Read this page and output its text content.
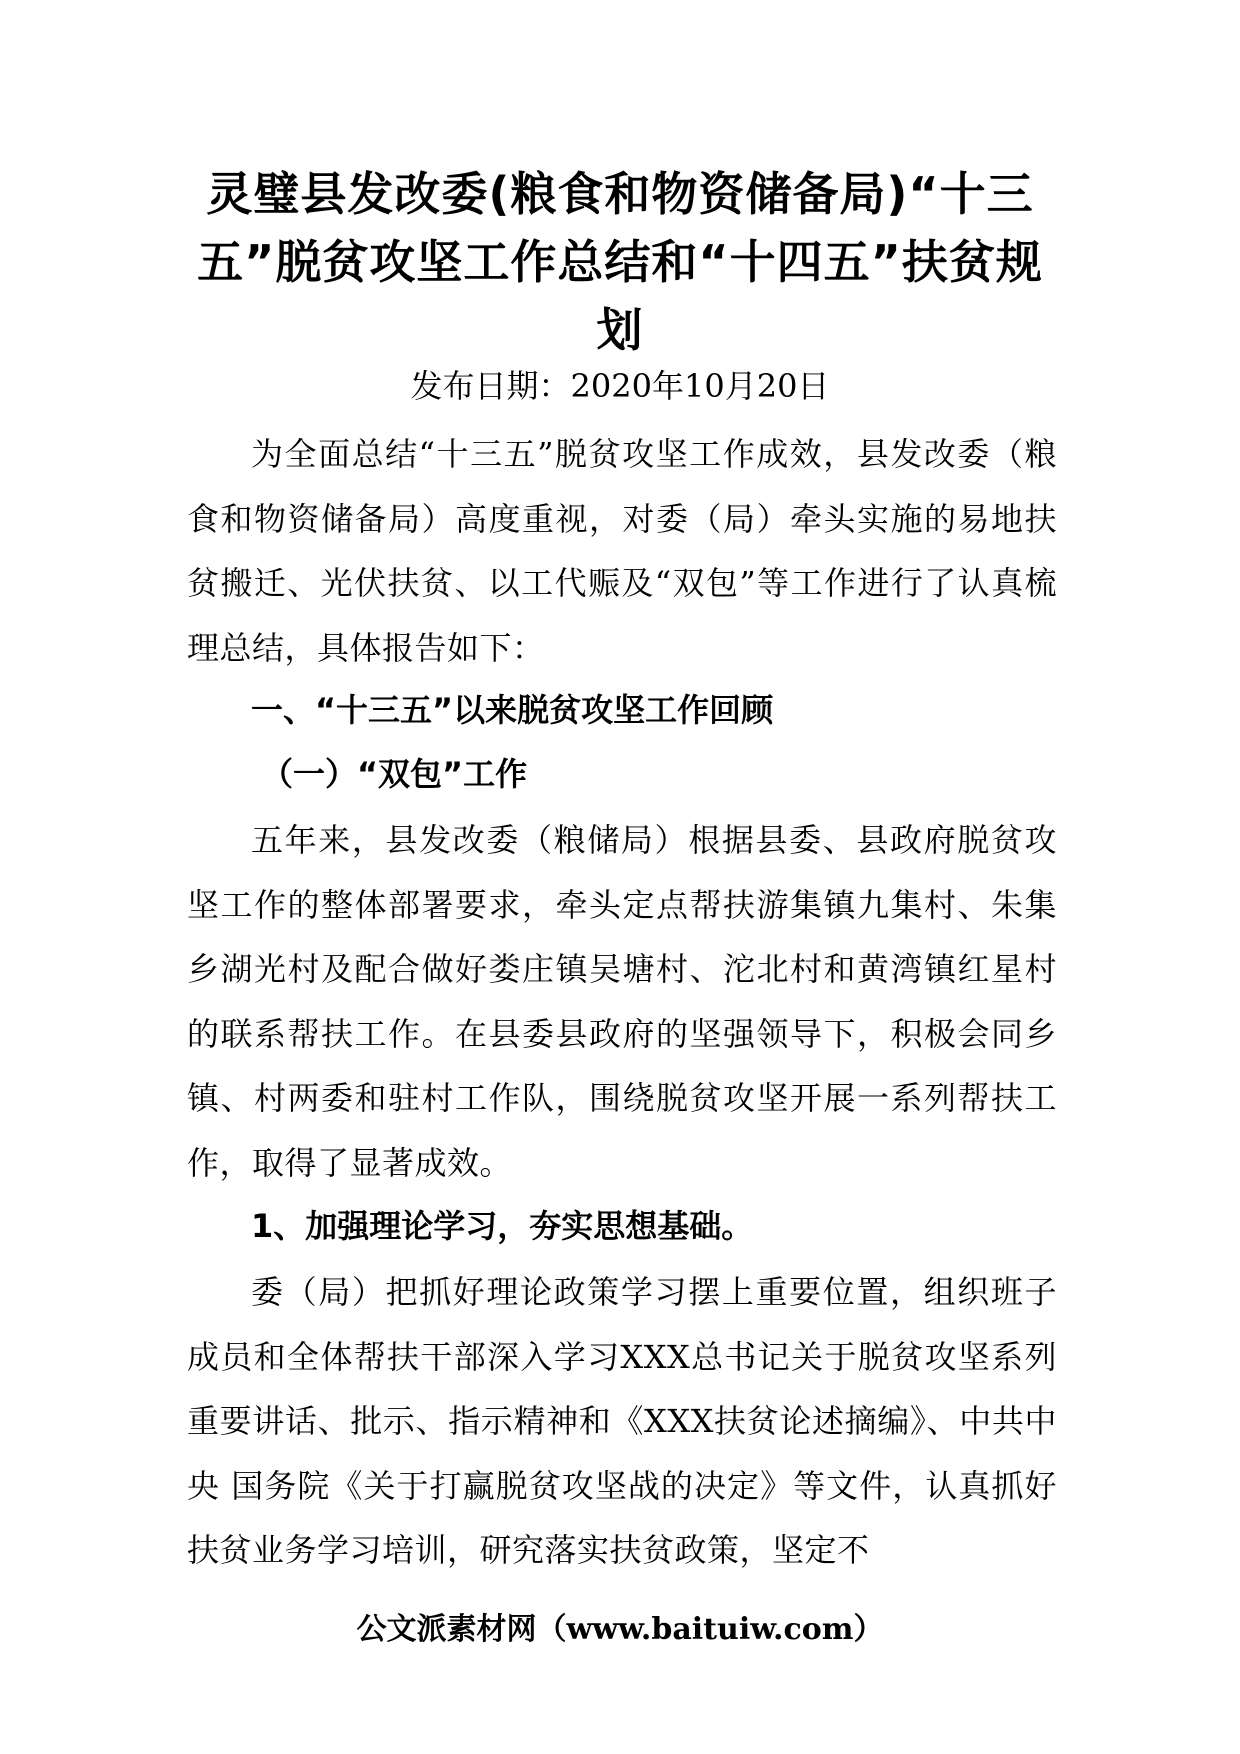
灵璧县发改委(粮食和物资储备局)“十三五”脱贫攻坚工作总结和“十四五”扶贫规划

发布日期：2020年10月20日

为全面总结“十三五”脱贫攻坚工作成效，县发改委（粮食和物资储备局）高度重视，对委（局）牵头实施的易地扶贫搬迁、光伏扶贫、以工代赈及“双包”等工作进行了认真梳理总结，具体报告如下：

一、“十三五”以来脱贫攻坚工作回顾

（一）“双包”工作

五年来，县发改委（粮储局）根据县委、县政府脱贫攻坚工作的整体部署要求，牵头定点帮扶游集镇九集村、朱集乡湖光村及配合做好娄庄镇吴塘村、沱北村和黄湾镇红星村的联系帮扶工作。在县委县政府的坚强领导下，积极会同乡镇、村两委和驻村工作队，围绕脱贫攻坚开展一系列帮扶工作，取得了显著成效。

1、加强理论学习，夯实思想基础。

委（局）把抓好理论政策学习摆上重要位置，组织班子成员和全体帮扶干部深入学习XXX总书记关于脱贫攻坚系列重要讲话、批示、指示精神和《XXX扶贫论述摘编》、中共中央 国务院《关于打赢脱贫攻坚战的决定》等文件，认真抓好扶贫业务学习培训，研究落实扶贫政策，坚定不

公文派素材网（www.baituiw.com）
